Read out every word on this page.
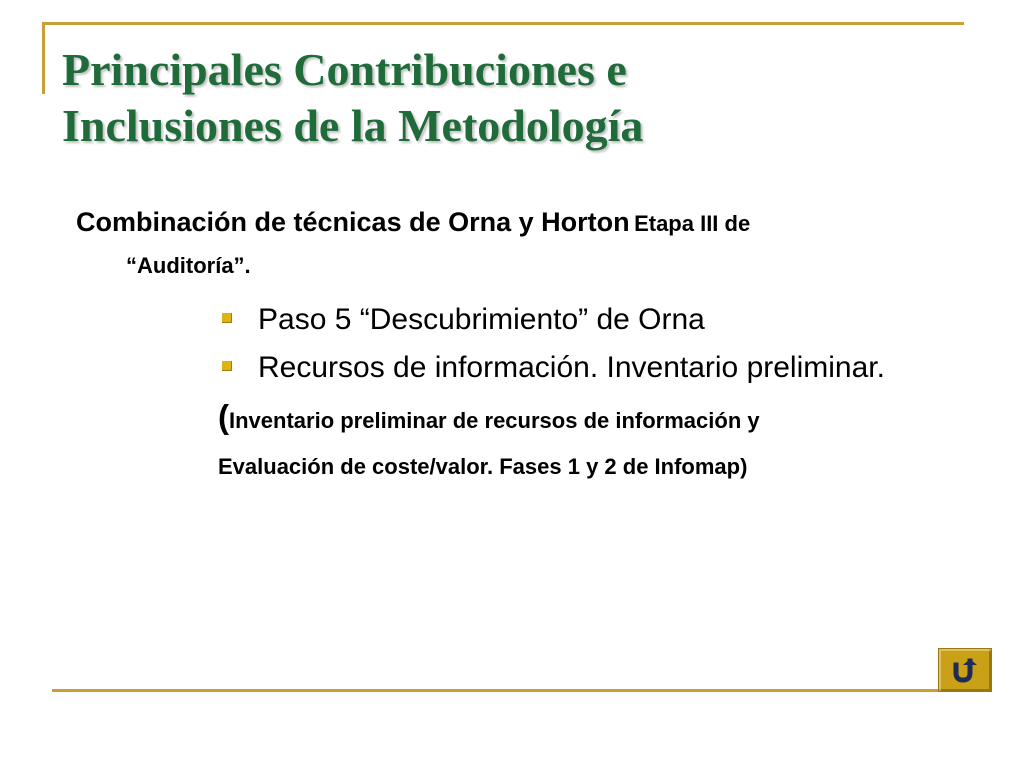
Principales Contribuciones e
Inclusiones de la Metodología
Combinación de técnicas de Orna y Horton Etapa III de
“Auditoría”.
Paso 5 “Descubrimiento” de Orna
Recursos de información. Inventario preliminar.
(Inventario preliminar de recursos de información y
Evaluación de coste/valor. Fases 1 y 2 de Infomap)
